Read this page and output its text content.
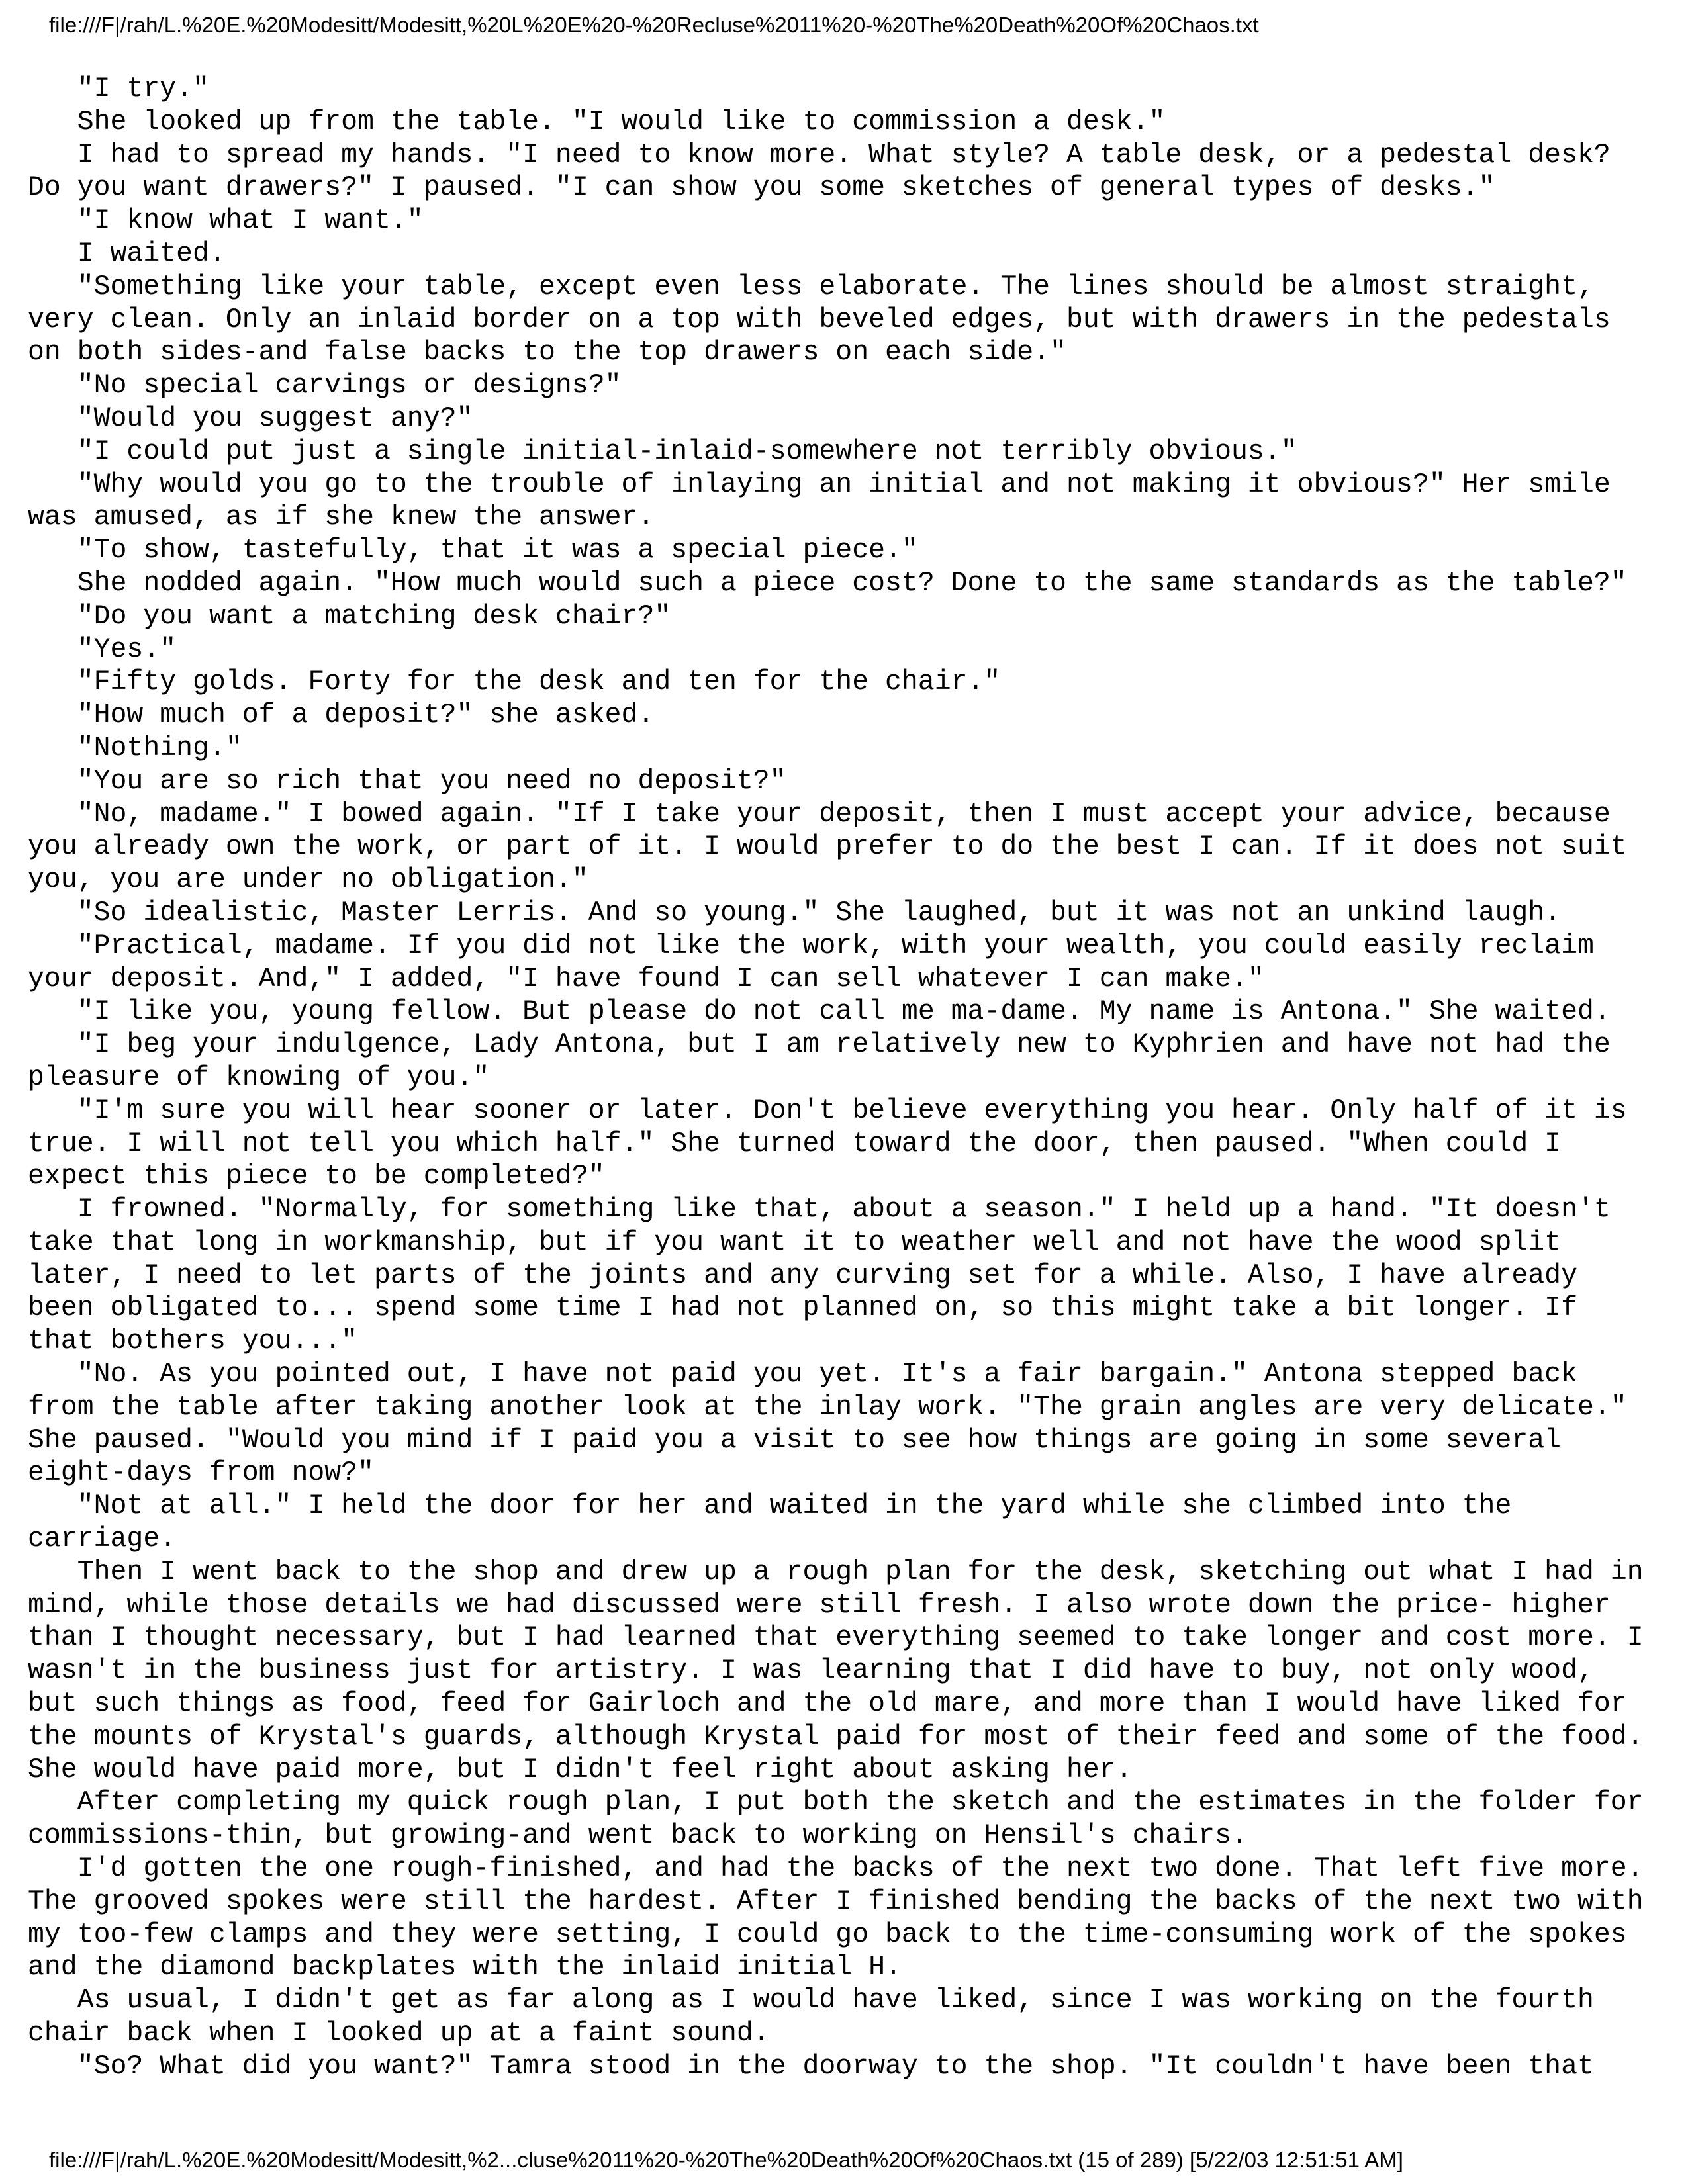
file:///F|/rah/L.%20E.%20Modesitt/Modesitt,%20L%20E%20-%20Recluse%2011%20-%20The%20Death%20Of%20Chaos.txt
"I try."
She looked up from the table. "I would like to commission a desk."
I had to spread my hands. "I need to know more. What style? A table desk, or a pedestal desk?
Do you want drawers?" I paused. "I can show you some sketches of general types of desks."
"I know what I want."
I waited.
"Something like your table, except even less elaborate. The lines should be almost straight,
very clean. Only an inlaid border on a top with beveled edges, but with drawers in the pedestals
on both sides-and false backs to the top drawers on each side."
"No special carvings or designs?"
"Would you suggest any?"
"I could put just a single initial-inlaid-somewhere not terribly obvious."
"Why would you go to the trouble of inlaying an initial and not making it obvious?" Her smile
was amused, as if she knew the answer.
"To show, tastefully, that it was a special piece."
She nodded again. "How much would such a piece cost? Done to the same standards as the table?"
"Do you want a matching desk chair?"
"Yes."
"Fifty golds. Forty for the desk and ten for the chair."
"How much of a deposit?" she asked.
"Nothing."
"You are so rich that you need no deposit?"
"No, madame." I bowed again. "If I take your deposit, then I must accept your advice, because
you already own the work, or part of it. I would prefer to do the best I can. If it does not suit
you, you are under no obligation."
"So idealistic, Master Lerris. And so young." She laughed, but it was not an unkind laugh.
"Practical, madame. If you did not like the work, with your wealth, you could easily reclaim
your deposit. And," I added, "I have found I can sell whatever I can make."
"I like you, young fellow. But please do not call me ma-dame. My name is Antona." She waited.
"I beg your indulgence, Lady Antona, but I am relatively new to Kyphrien and have not had the
pleasure of knowing of you."
"I'm sure you will hear sooner or later. Don't believe everything you hear. Only half of it is
true. I will not tell you which half." She turned toward the door, then paused. "When could I
expect this piece to be completed?"
I frowned. "Normally, for something like that, about a season." I held up a hand. "It doesn't
take that long in workmanship, but if you want it to weather well and not have the wood split
later, I need to let parts of the joints and any curving set for a while. Also, I have already
been obligated to... spend some time I had not planned on, so this might take a bit longer. If
that bothers you..."
"No. As you pointed out, I have not paid you yet. It's a fair bargain." Antona stepped back
from the table after taking another look at the inlay work. "The grain angles are very delicate."
She paused. "Would you mind if I paid you a visit to see how things are going in some several
eight-days from now?"
"Not at all." I held the door for her and waited in the yard while she climbed into the
carriage.
Then I went back to the shop and drew up a rough plan for the desk, sketching out what I had in
mind, while those details we had discussed were still fresh. I also wrote down the price- higher
than I thought necessary, but I had learned that everything seemed to take longer and cost more. I
wasn't in the business just for artistry. I was learning that I did have to buy, not only wood,
but such things as food, feed for Gairloch and the old mare, and more than I would have liked for
the mounts of Krystal's guards, although Krystal paid for most of their feed and some of the food.
She would have paid more, but I didn't feel right about asking her.
After completing my quick rough plan, I put both the sketch and the estimates in the folder for
commissions-thin, but growing-and went back to working on Hensil's chairs.
I'd gotten the one rough-finished, and had the backs of the next two done. That left five more.
The grooved spokes were still the hardest. After I finished bending the backs of the next two with
my too-few clamps and they were setting, I could go back to the time-consuming work of the spokes
and the diamond backplates with the inlaid initial H.
As usual, I didn't get as far along as I would have liked, since I was working on the fourth
chair back when I looked up at a faint sound.
"So? What did you want?" Tamra stood in the doorway to the shop. "It couldn't have been that
file:///F|/rah/L.%20E.%20Modesitt/Modesitt,%2...cluse%2011%20-%20The%20Death%20Of%20Chaos.txt (15 of 289) [5/22/03 12:51:51 AM]
